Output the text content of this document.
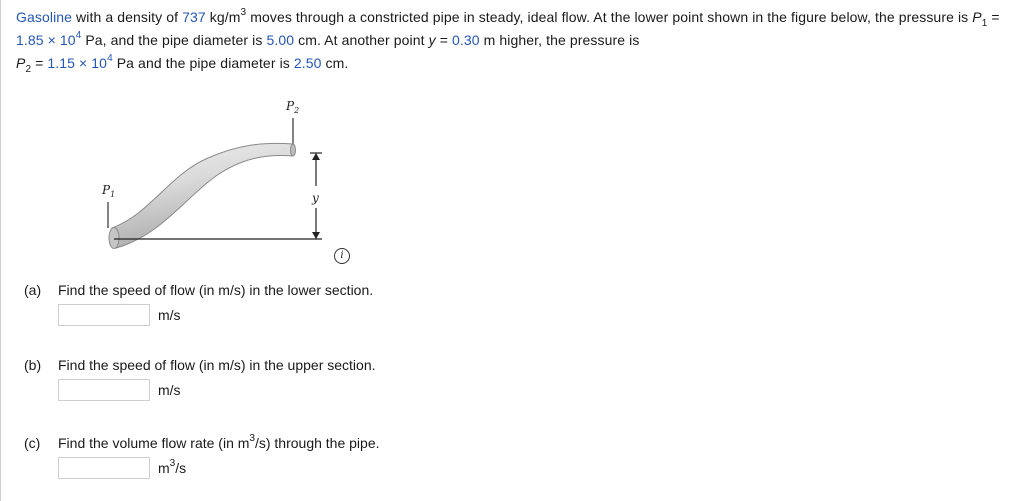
Gasoline with a density of 737 $kg/m^3$ moves through a constricted pipe in steady, ideal flow. At the lower point shown in the figure below, the pressure is $P_1 = 1.85 \times 10^4$ Pa, and the pipe diameter is 5.00 cm. At another point y = 0.30 m higher, the pressure is
$P_2 = 1.15 \times 10^4$ Pa and the pipe diameter is 2.50 cm.
$P_2$
$P_1$	y
i
(a) Find the speed of flow (in m/s) in the lower section.
m/s
(b) Find the speed of flow (in m/s) in the upper section.
m/s
(c) Find the volume flow rate (in $m^3/s$) through the pipe.
$m^3/s$
